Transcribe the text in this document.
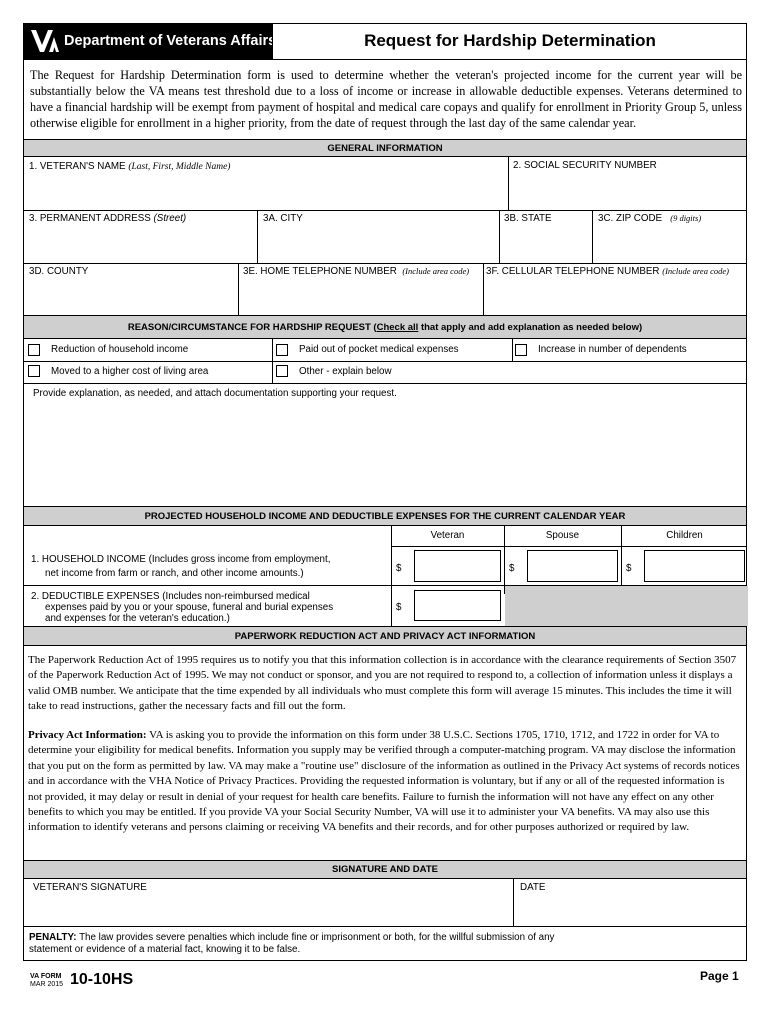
Department of Veterans Affairs	Request for Hardship Determination
The Request for Hardship Determination form is used to determine whether the veteran's projected income for the current year will be substantially below the VA means test threshold due to a loss of income or increase in allowable deductible expenses. Veterans determined to have a financial hardship will be exempt from payment of hospital and medical care copays and qualify for enrollment in Priority Group 5, unless otherwise eligible for enrollment in a higher priority, from the date of request through the last day of the same calendar year.
GENERAL INFORMATION
1. VETERAN'S NAME (Last, First, Middle Name)	2. SOCIAL SECURITY NUMBER
3. PERMANENT ADDRESS (Street)	3A. CITY	3B. STATE	3C. ZIP CODE (9 digits)
3D. COUNTY	3E. HOME TELEPHONE NUMBER (Include area code) 3F. CELLULAR TELEPHONE NUMBER (Include area code)
REASON/CIRCUMSTANCE FOR HARDSHIP REQUEST (Check all that apply and add explanation as needed below)
Reduction of household income	Paid out of pocket medical expenses	Increase in number of dependents
Moved to a higher cost of living area	Other - explain below
Provide explanation, as needed, and attach documentation supporting your request.
PROJECTED HOUSEHOLD INCOME AND DEDUCTIBLE EXPENSES FOR THE CURRENT CALENDAR YEAR
Veteran	Spouse	Children
1. HOUSEHOLD INCOME (Includes gross income from employment,
net income from farm or ranch, and other income amounts.)	$	$	$
2. DEDUCTIBLE EXPENSES (Includes non-reimbursed medical
expenses paid by you or your spouse, funeral and burial expenses
and expenses for the veteran's education.)
$
PAPERWORK REDUCTION ACT AND PRIVACY ACT INFORMATION
The Paperwork Reduction Act of 1995 requires us to notify you that this information collection is in accordance with the clearance requirements of Section 3507 of the Paperwork Reduction Act of 1995. We may not conduct or sponsor, and you are not required to respond to, a collection of information unless it displays a valid OMB number. We anticipate that the time expended by all individuals who must complete this form will average 15 minutes. This includes the time it will take to read instructions, gather the necessary facts and fill out the form.
Privacy Act Information: VA is asking you to provide the information on this form under 38 U.S.C. Sections 1705, 1710, 1712, and 1722 in order for VA to determine your eligibility for medical benefits. Information you supply may be verified through a computer-matching program. VA may disclose the information that you put on the form as permitted by law. VA may make a "routine use" disclosure of the information as outlined in the Privacy Act systems of records notices and in accordance with the VHA Notice of Privacy Practices. Providing the requested information is voluntary, but if any or all of the requested information is not provided, it may delay or result in denial of your request for health care benefits. Failure to furnish the information will not have any effect on any other benefits to which you may be entitled. If you provide VA your Social Security Number, VA will use it to administer your VA benefits. VA may also use this information to identify veterans and persons claiming or receiving VA benefits and their records, and for other purposes authorized or required by law.
SIGNATURE AND DATE
VETERAN'S SIGNATURE	DATE
PENALTY: The law provides severe penalties which include fine or imprisonment or both, for the willful submission of any statement or evidence of a material fact, knowing it to be false.
VA FORM
MAR 2015 10-10HS	Page 1
